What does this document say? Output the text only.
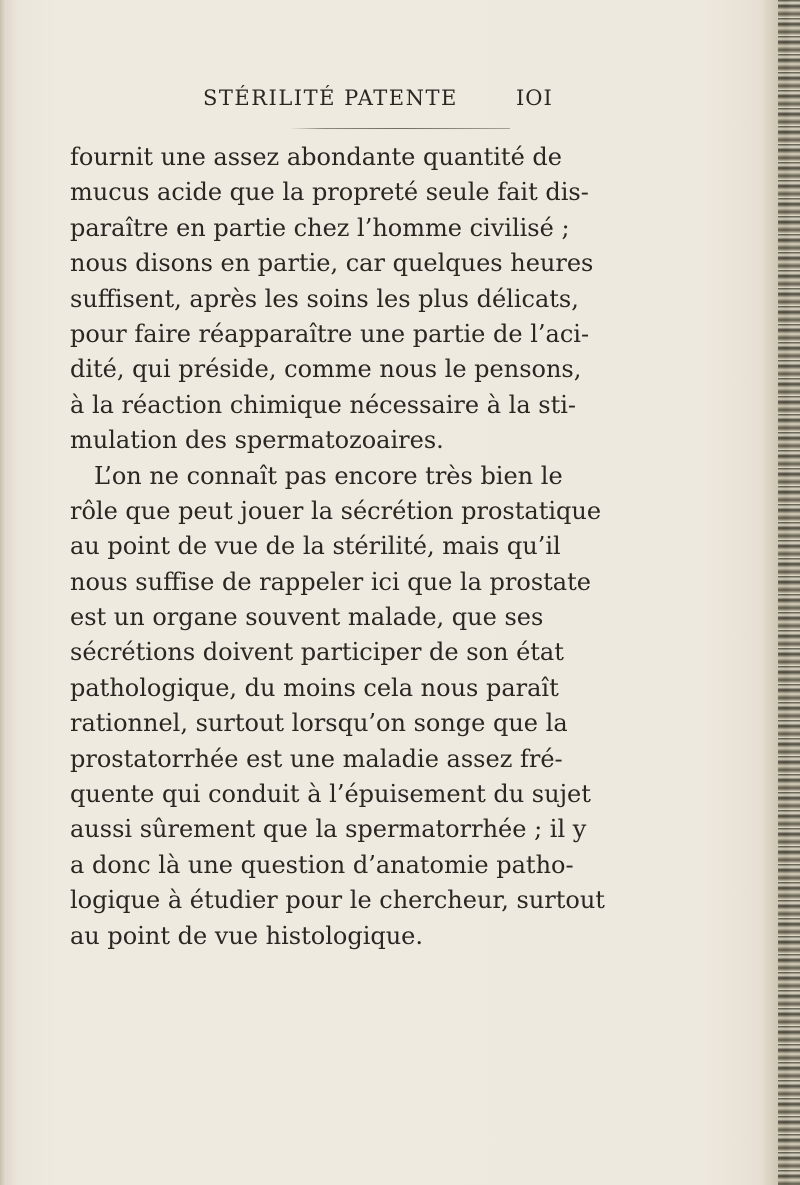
STÉRILITÉ PATENTE	IOI
fournit une assez abondante quantité de
mucus acide que la propreté seule fait dis-
paraître en partie chez l’homme civilisé ;
nous disons en partie, car quelques heures
suffisent, après les soins les plus délicats,
pour faire réapparaître une partie de l’aci-
dité, qui préside, comme nous le pensons,
à la réaction chimique nécessaire à la sti-
mulation des spermatozoaires.
L’on ne connaît pas encore très bien le
rôle que peut jouer la sécrétion prostatique
au point de vue de la stérilité, mais qu’il
nous suffise de rappeler ici que la prostate
est un organe souvent malade, que ses
sécrétions doivent participer de son état
pathologique, du moins cela nous paraît
rationnel, surtout lorsqu’on songe que la
prostatorrhée est une maladie assez fré-
quente qui conduit à l’épuisement du sujet
aussi sûrement que la spermatorrhée ; il y
a donc là une question d’anatomie patho-
logique à étudier pour le chercheur, surtout
au point de vue histologique.
